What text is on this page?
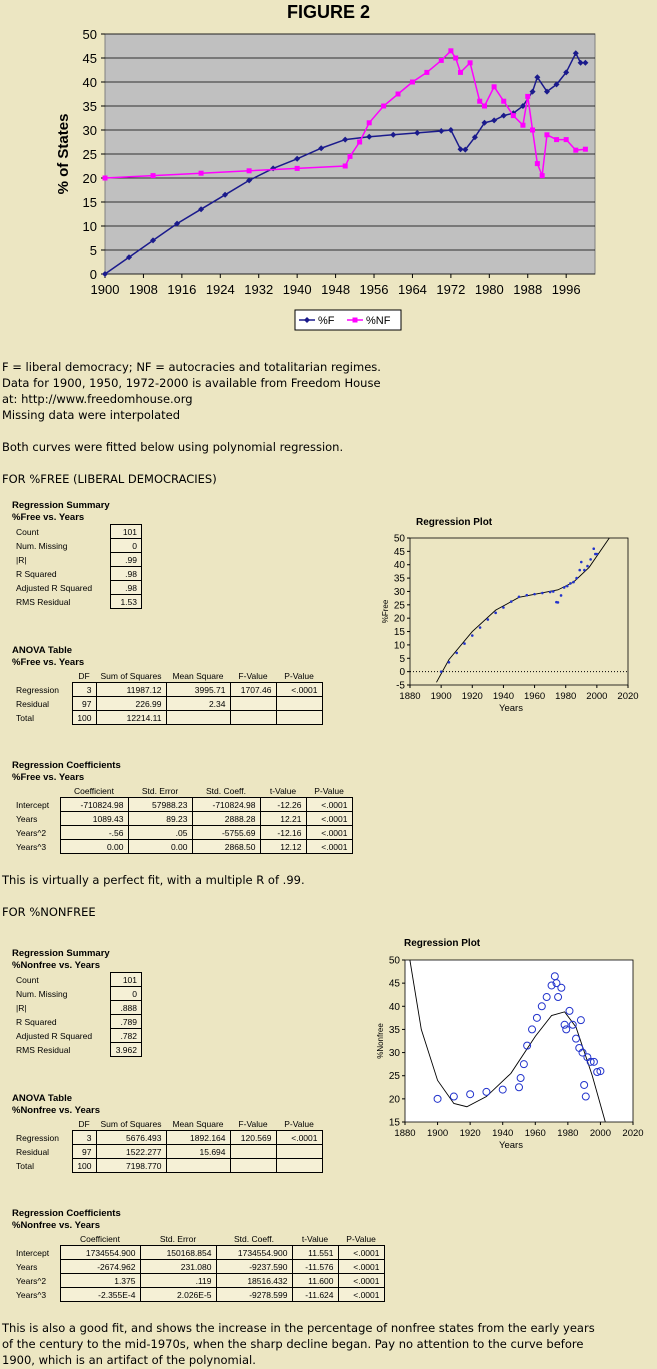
FIGURE 2
0
5
10
15
20
25
30
35
40
45
50
1900 1908 1916 1924 1932 1940 1948 1956 1964 1972 1980 1988 1996
% of States
%F	%NF
F = liberal democracy; NF = autocracies and totalitarian regimes.
Data for 1900, 1950, 1972-2000 is available from Freedom House
at: http://www.freedomhouse.org
Missing data were interpolated
Both curves were fitted below using polynomial regression.
FOR %FREE (LIBERAL DEMOCRACIES)
Regression Summary
%Free vs. Years
Count	101
Num. Missing	0
|R|	.99
R Squared	.98
Adjusted R Squared	.98
RMS Residual	1.53
ANOVA Table
%Free vs. Years
	DF	Sum of Squares	Mean Square	F-Value	P-Value
Regression	3	11987.12	3995.71	1707.46	<.0001
Residual	97	226.99	2.34		
Total	100	12214.11			
Regression Coefficients
%Free vs. Years
	Coefficient	Std. Error	Std. Coeff.	t-Value	P-Value
Intercept	-710824.98	57988.23	-710824.98	-12.26	<.0001
Years	1089.43	89.23	2888.28	12.21	<.0001
Years^2	-.56	.05	-5755.69	-12.16	<.0001
Years^3	0.00	0.00	2868.50	12.12	<.0001
Regression Plot
-5
0
5
10
15
20
25
30
35
40
45
50
1880 1900 1920 1940 1960 1980 2000 2020
Years
%Free
This is virtually a perfect fit, with a multiple R of .99.
FOR %NONFREE
Regression Summary
%Nonfree vs. Years
Count	101
Num. Missing	0
|R|	.888
R Squared	.789
Adjusted R Squared	.782
RMS Residual	3.962
ANOVA Table
%Nonfree vs. Years
	DF	Sum of Squares	Mean Square	F-Value	P-Value
Regression	3	5676.493	1892.164	120.569	<.0001
Residual	97	1522.277	15.694		
Total	100	7198.770			
Regression Coefficients
%Nonfree vs. Years
	Coefficient	Std. Error	Std. Coeff.	t-Value	P-Value
Intercept	1734554.900	150168.854	1734554.900	11.551	<.0001
Years	-2674.962	231.080	-9237.590	-11.576	<.0001
Years^2	1.375	.119	18516.432	11.600	<.0001
Years^3	-2.355E-4	2.026E-5	-9278.599	-11.624	<.0001
Regression Plot
15
20
25
30
35
40
45
50
1880 1900 1920 1940 1960 1980 2000 2020
Years
%Nonfree
This is also a good fit, and shows the increase in the percentage of nonfree states from the early years
of the century to the mid-1970s, when the sharp decline began. Pay no attention to the curve before
1900, which is an artifact of the polynomial.
